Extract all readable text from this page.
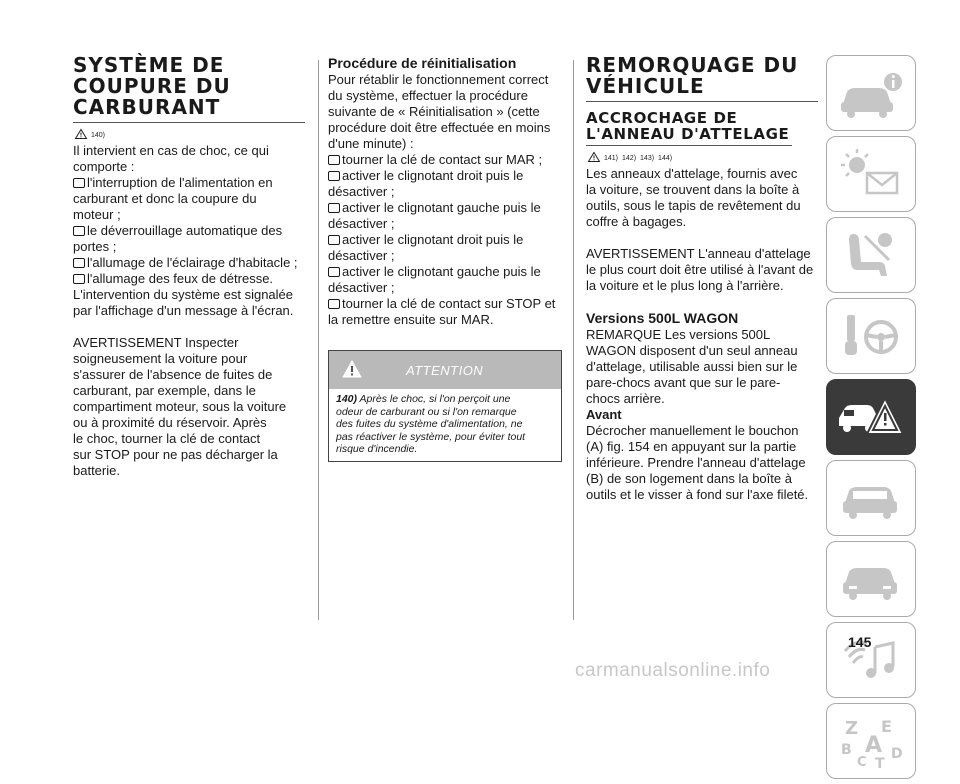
SYSTÈME DE
COUPURE DU
CARBURANT
140)
Il intervient en cas de choc, ce qui
comporte :
l'interruption de l'alimentation en
carburant et donc la coupure du
moteur ;
le déverrouillage automatique des
portes ;
l'allumage de l'éclairage d'habitacle ;
l'allumage des feux de détresse.
L'intervention du système est signalée
par l'affichage d'un message à l'écran.
AVERTISSEMENT Inspecter
soigneusement la voiture pour
s'assurer de l'absence de fuites de
carburant, par exemple, dans le
compartiment moteur, sous la voiture
ou à proximité du réservoir. Après
le choc, tourner la clé de contact
sur STOP pour ne pas décharger la
batterie.
Procédure de réinitialisation
Pour rétablir le fonctionnement correct
du système, effectuer la procédure
suivante de « Réinitialisation » (cette
procédure doit être effectuée en moins
d'une minute) :
tourner la clé de contact sur MAR ;
activer le clignotant droit puis le
désactiver ;
activer le clignotant gauche puis le
désactiver ;
activer le clignotant droit puis le
désactiver ;
activer le clignotant gauche puis le
désactiver ;
tourner la clé de contact sur STOP et
la remettre ensuite sur MAR.
ATTENTION
140) Après le choc, si l'on perçoit une
odeur de carburant ou si l'on remarque
des fuites du système d'alimentation, ne
pas réactiver le système, pour éviter tout
risque d'incendie.
REMORQUAGE DU
VÉHICULE
ACCROCHAGE DE
L'ANNEAU D'ATTELAGE
141) 142) 143) 144)
Les anneaux d'attelage, fournis avec
la voiture, se trouvent dans la boîte à
outils, sous le tapis de revêtement du
coffre à bagages.
AVERTISSEMENT L'anneau d'attelage
le plus court doit être utilisé à l'avant de
la voiture et le plus long à l'arrière.
Versions 500L WAGON
REMARQUE Les versions 500L
WAGON disposent d'un seul anneau
d'attelage, utilisable aussi bien sur le
pare-chocs avant que sur le pare-
chocs arrière.
Avant
Décrocher manuellement le bouchon
(A) fig. 154 en appuyant sur la partie
inférieure. Prendre l'anneau d'attelage
(B) de son logement dans la boîte à
outils et le visser à fond sur l'axe fileté.
Z E
B A
C T
D
145
carmanualsonline.info
